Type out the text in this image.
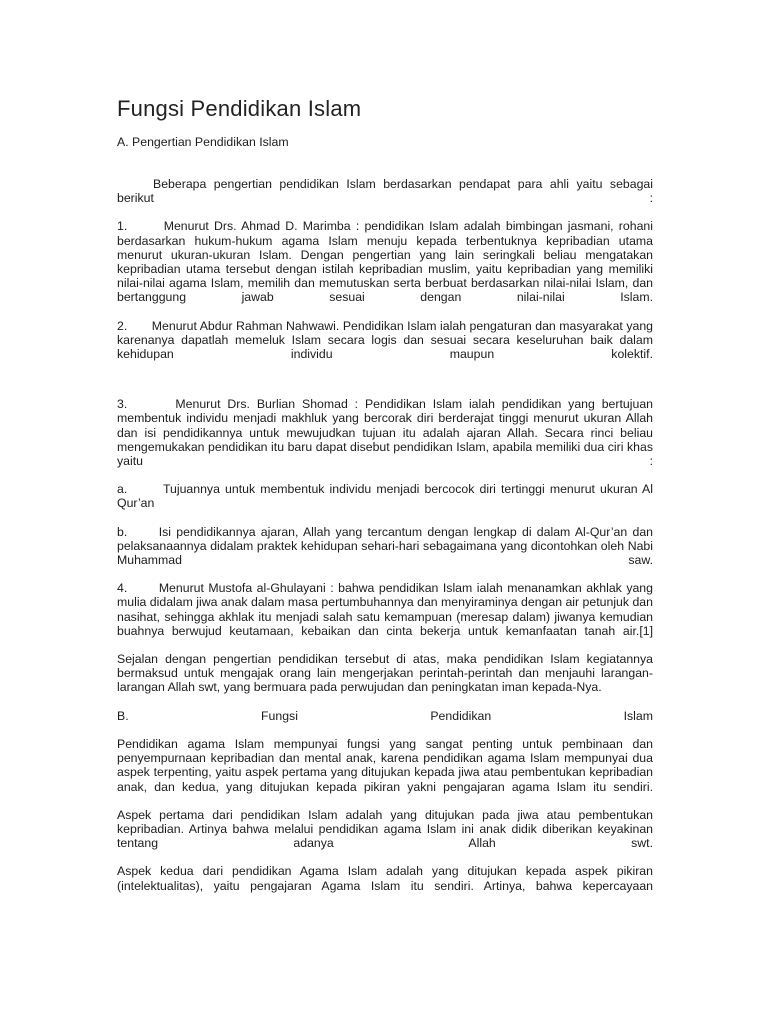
Fungsi Pendidikan Islam

A. Pengertian Pendidikan Islam

Beberapa pengertian pendidikan Islam berdasarkan pendapat para ahli yaitu sebagai berikut :

1.	Menurut Drs. Ahmad D. Marimba : pendidikan Islam adalah bimbingan jasmani, rohani berdasarkan hukum-hukum agama Islam menuju kepada terbentuknya kepribadian utama menurut ukuran-ukuran Islam. Dengan pengertian yang lain seringkali beliau mengatakan kepribadian utama tersebut dengan istilah kepribadian muslim, yaitu kepribadian yang memiliki nilai-nilai agama Islam, memilih dan memutuskan serta berbuat berdasarkan nilai-nilai Islam, dan bertanggung jawab sesuai dengan nilai-nilai Islam.

2. Menurut Abdur Rahman Nahwawi. Pendidikan Islam ialah pengaturan dan masyarakat yang karenanya dapatlah memeluk Islam secara logis dan sesuai secara keseluruhan baik dalam kehidupan individu maupun kolektif.

3.	Menurut Drs. Burlian Shomad : Pendidikan Islam ialah pendidikan yang bertujuan membentuk individu menjadi makhluk yang bercorak diri berderajat tinggi menurut ukuran Allah dan isi pendidikannya untuk mewujudkan tujuan itu adalah ajaran Allah. Secara rinci beliau mengemukakan pendidikan itu baru dapat disebut pendidikan Islam, apabila memiliki dua ciri khas yaitu :

a.	Tujuannya untuk membentuk individu menjadi bercocok diri tertinggi menurut ukuran Al Qur’an

b.	Isi pendidikannya ajaran, Allah yang tercantum dengan lengkap di dalam Al-Qur’an dan pelaksanaannya didalam praktek kehidupan sehari-hari sebagaimana yang dicontohkan oleh Nabi Muhammad saw.

4.	Menurut Mustofa al-Ghulayani : bahwa pendidikan Islam ialah menanamkan akhlak yang mulia didalam jiwa anak dalam masa pertumbuhannya dan menyiraminya dengan air petunjuk dan nasihat, sehingga akhlak itu menjadi salah satu kemampuan (meresap dalam) jiwanya kemudian buahnya berwujud keutamaan, kebaikan dan cinta bekerja untuk kemanfaatan tanah air.[1]

Sejalan dengan pengertian pendidikan tersebut di atas, maka pendidikan Islam kegiatannya bermaksud untuk mengajak orang lain mengerjakan perintah-perintah dan menjauhi larangan-larangan Allah swt, yang bermuara pada perwujudan dan peningkatan iman kepada-Nya.

B. Fungsi Pendidikan Islam

Pendidikan agama Islam mempunyai fungsi yang sangat penting untuk pembinaan dan penyempurnaan kepribadian dan mental anak, karena pendidikan agama Islam mempunyai dua aspek terpenting, yaitu aspek pertama yang ditujukan kepada jiwa atau pembentukan kepribadian anak, dan kedua, yang ditujukan kepada pikiran yakni pengajaran agama Islam itu sendiri.

Aspek pertama dari pendidikan Islam adalah yang ditujukan pada jiwa atau pembentukan kepribadian. Artinya bahwa melalui pendidikan agama Islam ini anak didik diberikan keyakinan tentang adanya Allah swt.

Aspek kedua dari pendidikan Agama Islam adalah yang ditujukan kepada aspek pikiran (intelektualitas), yaitu pengajaran Agama Islam itu sendiri. Artinya, bahwa kepercayaan
